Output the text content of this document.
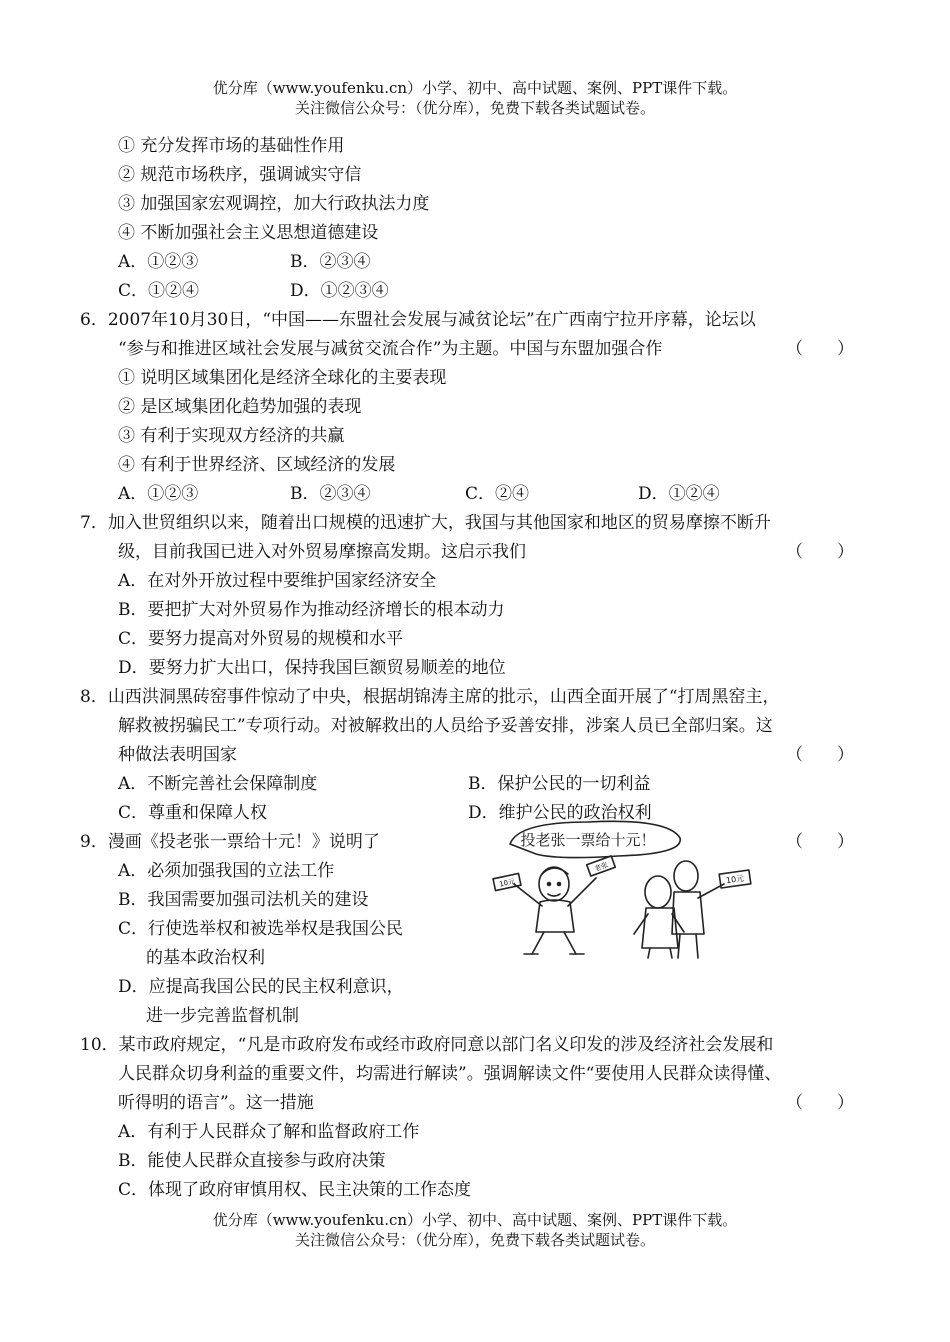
优分库（www.youfenku.cn）小学、初中、高中试题、案例、PPT课件下载。
关注微信公众号：（优分库），免费下载各类试题试卷。
① 充分发挥市场的基础性作用
② 规范市场秩序，强调诚实守信
③ 加强国家宏观调控，加大行政执法力度
④ 不断加强社会主义思想道德建设
A．①②③	B．②③④
C．①②④	D．①②③④
6．2007年10月30日，“中国——东盟社会发展与减贫论坛”在广西南宁拉开序幕，论坛以
“参与和推进区域社会发展与减贫交流合作”为主题。中国与东盟加强合作	（　　）
① 说明区域集团化是经济全球化的主要表现
② 是区域集团化趋势加强的表现
③ 有利于实现双方经济的共赢
④ 有利于世界经济、区域经济的发展
A．①②③	B．②③④	C．②④	D．①②④
7．加入世贸组织以来，随着出口规模的迅速扩大，我国与其他国家和地区的贸易摩擦不断升
级，目前我国已进入对外贸易摩擦高发期。这启示我们	（　　）
A．在对外开放过程中要维护国家经济安全
B．要把扩大对外贸易作为推动经济增长的根本动力
C．要努力提高对外贸易的规模和水平
D．要努力扩大出口，保持我国巨额贸易顺差的地位
8．山西洪洞黑砖窑事件惊动了中央，根据胡锦涛主席的批示，山西全面开展了“打周黑窑主，
解救被拐骗民工”专项行动。对被解救出的人员给予妥善安排，涉案人员已全部归案。这
种做法表明国家	（　　）
A．不断完善社会保障制度	B．保护公民的一切利益
C．尊重和保障人权	D．维护公民的政治权利
9．漫画《投老张一票给十元！》说明了	（　　）
A．必须加强我国的立法工作
B．我国需要加强司法机关的建设
C．行使选举权和被选举权是我国公民
的基本政治权利
D．应提高我国公民的民主权利意识，
进一步完善监督机制
10．某市政府规定，“凡是市政府发布或经市政府同意以部门名义印发的涉及经济社会发展和
人民群众切身利益的重要文件，均需进行解读”。强调解读文件“要使用人民群众读得懂、
听得明的语言”。这一措施	（　　）
A．有利于人民群众了解和监督政府工作
B．能使人民群众直接参与政府决策
C．体现了政府审慎用权、民主决策的工作态度
投老张一票给十元！
10元
老张
10元
优分库（www.youfenku.cn）小学、初中、高中试题、案例、PPT课件下载。
关注微信公众号：（优分库），免费下载各类试题试卷。
